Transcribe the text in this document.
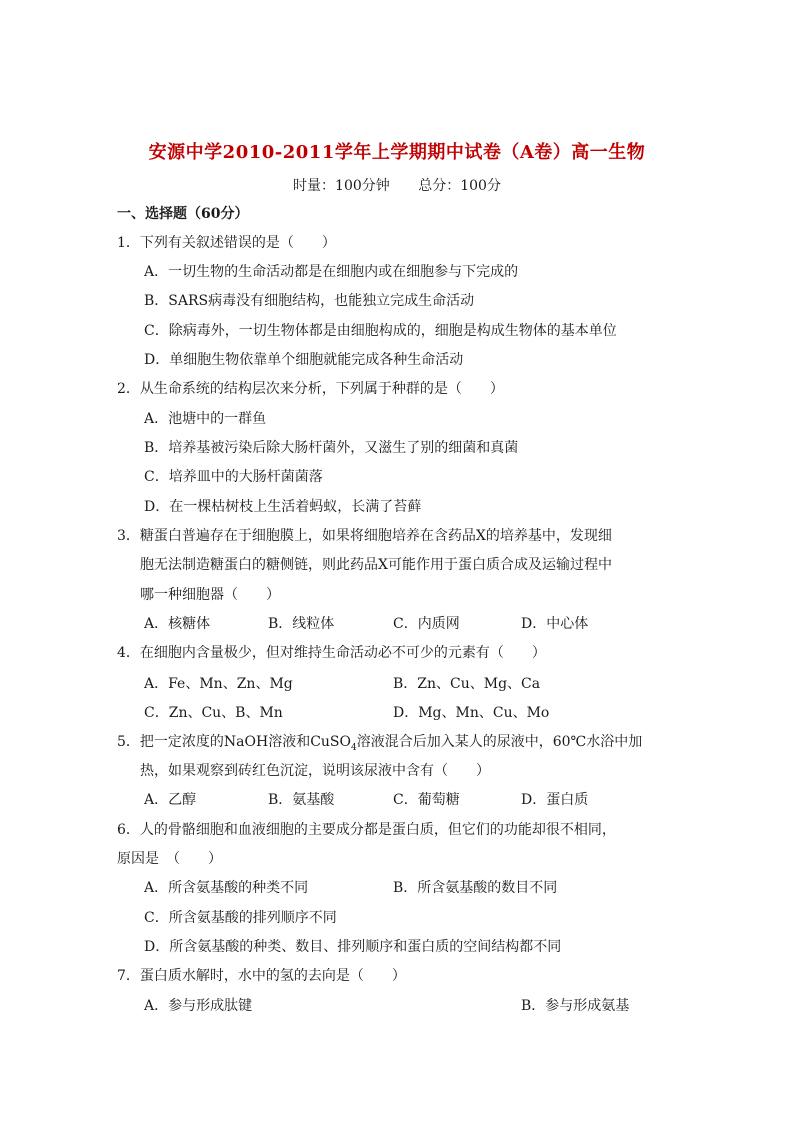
安源中学2010-2011学年上学期期中试卷（A卷）高一生物
时量：100分钟 总分：100分
一、选择题（60分）
1．下列有关叙述错误的是（　　）
A．一切生物的生命活动都是在细胞内或在细胞参与下完成的
B．SARS病毒没有细胞结构，也能独立完成生命活动
C．除病毒外，一切生物体都是由细胞构成的，细胞是构成生物体的基本单位
D．单细胞生物依靠单个细胞就能完成各种生命活动
2．从生命系统的结构层次来分析，下列属于种群的是（　　）
A．池塘中的一群鱼
B．培养基被污染后除大肠杆菌外，又滋生了别的细菌和真菌
C．培养皿中的大肠杆菌菌落
D．在一棵枯树枝上生活着蚂蚁，长满了苔藓
3．糖蛋白普遍存在于细胞膜上，如果将细胞培养在含药品X的培养基中，发现细
胞无法制造糖蛋白的糖侧链，则此药品X可能作用于蛋白质合成及运输过程中
哪一种细胞器（　　）
A．核糖体	B．线粒体	C．内质网	D．中心体
4．在细胞内含量极少，但对维持生命活动必不可少的元素有（　　）
A．Fe、Mn、Zn、Mg	B．Zn、Cu、Mg、Ca
C．Zn、Cu、B、Mn	D．Mg、Mn、Cu、Mo
5．把一定浓度的NaOH溶液和CuSO$_4$溶液混合后加入某人的尿液中，60℃水浴中加
热，如果观察到砖红色沉淀，说明该尿液中含有（　　）
A．乙醇	B．氨基酸	C．葡萄糖	D．蛋白质
6．人的骨骼细胞和血液细胞的主要成分都是蛋白质，但它们的功能却很不相同，
原因是　（　　）
A．所含氨基酸的种类不同	B．所含氨基酸的数目不同
C．所含氨基酸的排列顺序不同
D．所含氨基酸的种类、数目、排列顺序和蛋白质的空间结构都不同
7．蛋白质水解时，水中的氢的去向是（　　）
A．参与形成肽键	B．参与形成氨基
